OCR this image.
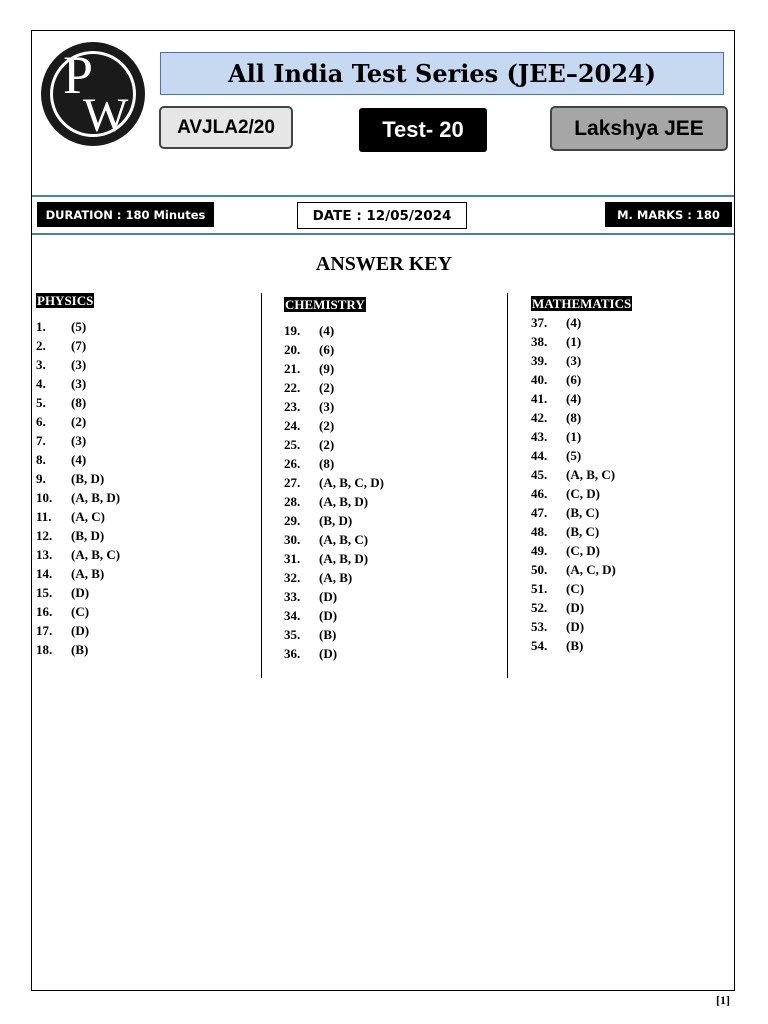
P
W
All India Test Series (JEE–2024)
AVJLA2/20	Test- 20	Lakshya JEE
DURATION : 180 Minutes	DATE : 12/05/2024	M. MARKS : 180
ANSWER KEY
PHYSICS
1. (5)
2. (7)
3. (3)
4. (3)
5. (8)
6. (2)
7. (3)
8. (4)
9. (B, D)
10. (A, B, D)
11. (A, C)
12. (B, D)
13. (A, B, C)
14. (A, B)
15. (D)
16. (C)
17. (D)
18. (B)
CHEMISTRY
19. (4)
20. (6)
21. (9)
22. (2)
23. (3)
24. (2)
25. (2)
26. (8)
27. (A, B, C, D)
28. (A, B, D)
29. (B, D)
30. (A, B, C)
31. (A, B, D)
32. (A, B)
33. (D)
34. (D)
35. (B)
36. (D)
MATHEMATICS
37. (4)
38. (1)
39. (3)
40. (6)
41. (4)
42. (8)
43. (1)
44. (5)
45. (A, B, C)
46. (C, D)
47. (B, C)
48. (B, C)
49. (C, D)
50. (A, C, D)
51. (C)
52. (D)
53. (D)
54. (B)
[1]
